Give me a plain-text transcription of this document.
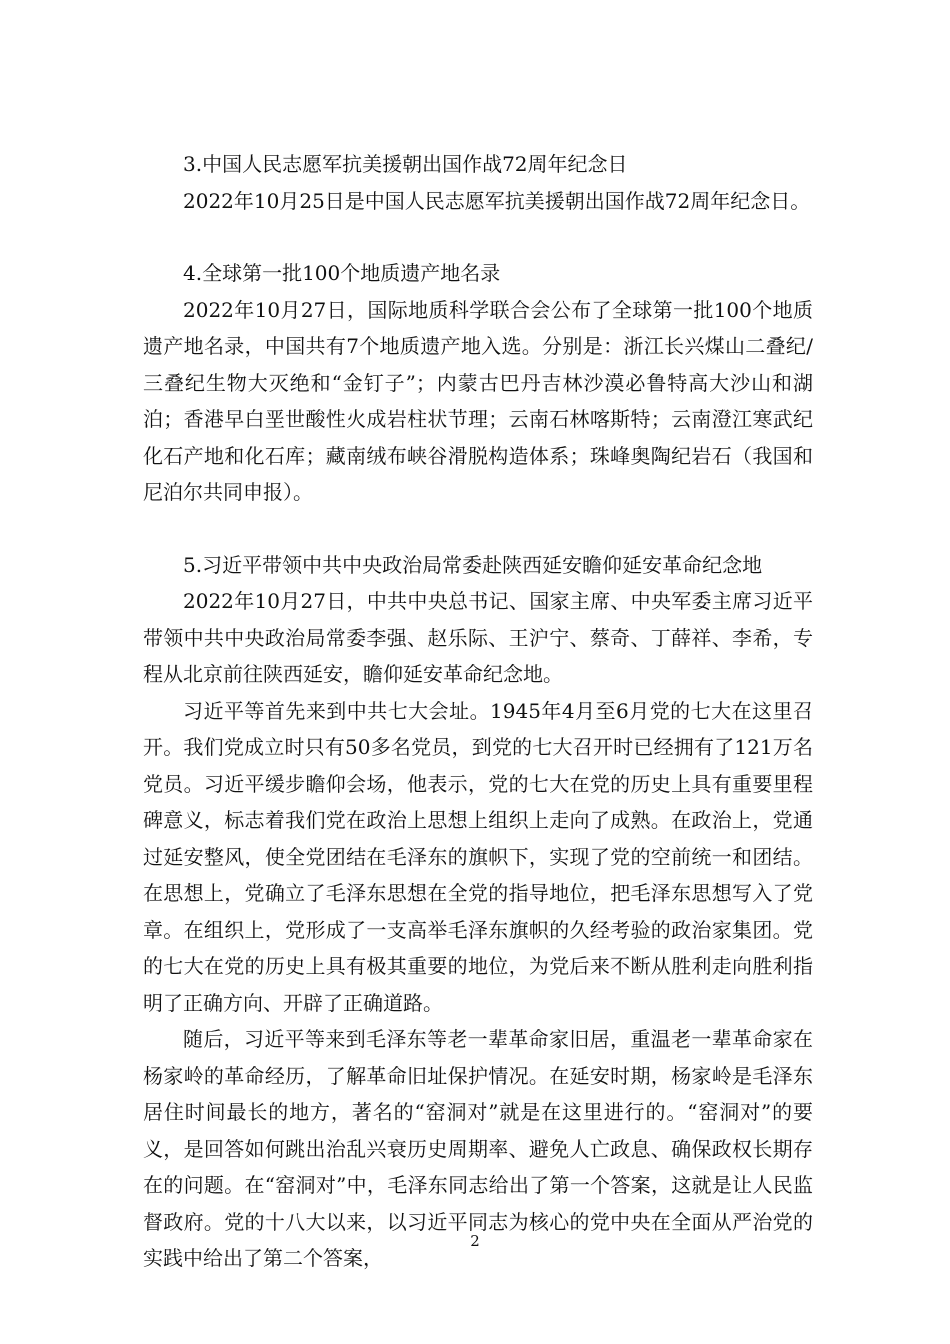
3.中国人民志愿军抗美援朝出国作战72周年纪念日

2022年10月25日是中国人民志愿军抗美援朝出国作战72周年纪念日。

4.全球第一批100个地质遗产地名录

2022年10月27日，国际地质科学联合会公布了全球第一批100个地质遗产地名录，中国共有7个地质遗产地入选。分别是：浙江长兴煤山二叠纪/三叠纪生物大灭绝和“金钉子”；内蒙古巴丹吉林沙漠必鲁特高大沙山和湖泊；香港早白垩世酸性火成岩柱状节理；云南石林喀斯特；云南澄江寒武纪化石产地和化石库；藏南绒布峡谷滑脱构造体系；珠峰奥陶纪岩石（我国和尼泊尔共同申报）。

5.习近平带领中共中央政治局常委赴陕西延安瞻仰延安革命纪念地

2022年10月27日，中共中央总书记、国家主席、中央军委主席习近平带领中共中央政治局常委李强、赵乐际、王沪宁、蔡奇、丁薛祥、李希，专程从北京前往陕西延安，瞻仰延安革命纪念地。

习近平等首先来到中共七大会址。1945年4月至6月党的七大在这里召开。我们党成立时只有50多名党员，到党的七大召开时已经拥有了121万名党员。习近平缓步瞻仰会场，他表示，党的七大在党的历史上具有重要里程碑意义，标志着我们党在政治上思想上组织上走向了成熟。在政治上，党通过延安整风，使全党团结在毛泽东的旗帜下，实现了党的空前统一和团结。在思想上，党确立了毛泽东思想在全党的指导地位，把毛泽东思想写入了党章。在组织上，党形成了一支高举毛泽东旗帜的久经考验的政治家集团。党的七大在党的历史上具有极其重要的地位，为党后来不断从胜利走向胜利指明了正确方向、开辟了正确道路。

随后，习近平等来到毛泽东等老一辈革命家旧居，重温老一辈革命家在杨家岭的革命经历，了解革命旧址保护情况。在延安时期，杨家岭是毛泽东居住时间最长的地方，著名的“窑洞对”就是在这里进行的。“窑洞对”的要义，是回答如何跳出治乱兴衰历史周期率、避免人亡政息、确保政权长期存在的问题。在“窑洞对”中，毛泽东同志给出了第一个答案，这就是让人民监督政府。党的十八大以来，以习近平同志为核心的党中央在全面从严治党的实践中给出了第二个答案，

2
